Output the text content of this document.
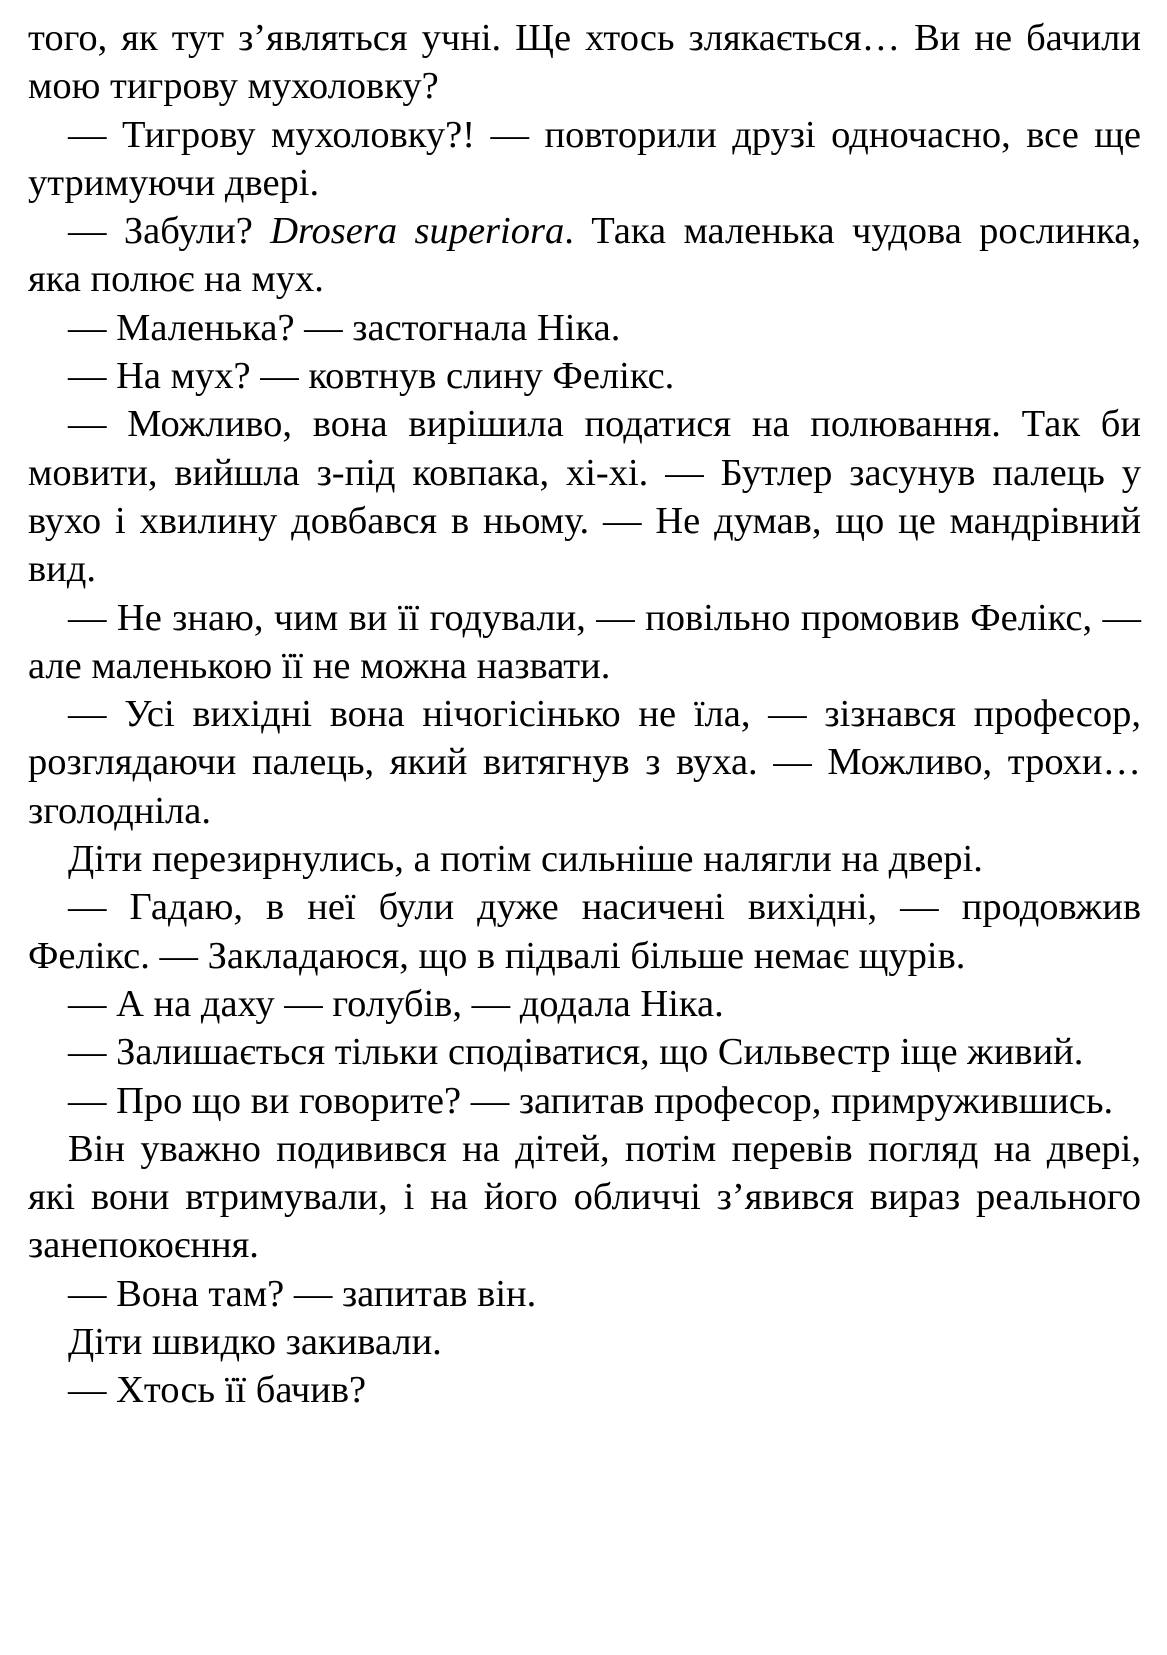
того, як тут з’являться учні. Ще хтось злякається… Ви не бачили мою тигрову мухоловку?

— Тигрову мухоловку?! — повторили друзі одночасно, все ще утримуючи двері.

— Забули? Drosera superiora. Така маленька чудова рослинка, яка полює на мух.

— Маленька? — застогнала Ніка.

— На мух? — ковтнув слину Фелікс.

— Можливо, вона вирішила податися на полювання. Так би мовити, вийшла з-під ковпака, хі-хі. — Бутлер засунув палець у вухо і хвилину довбався в ньому. — Не думав, що це мандрівний вид.

— Не знаю, чим ви її годували, — повільно промовив Фелікс, — але маленькою її не можна назвати.

— Усі вихідні вона нічогісінько не їла, — зізнався професор, розглядаючи палець, який витягнув з вуха. — Можливо, трохи… зголодніла.

Діти перезирнулись, а потім сильніше налягли на двері.

— Гадаю, в неї були дуже насичені вихідні, — продовжив Фелікс. — Закладаюся, що в підвалі більше немає щурів.

— А на даху — голубів, — додала Ніка.

— Залишається тільки сподіватися, що Сильвестр іще живий.

— Про що ви говорите? — запитав професор, примружившись.

Він уважно подивився на дітей, потім перевів погляд на двері, які вони втримували, і на його обличчі з’явився вираз реального занепокоєння.

— Вона там? — запитав він.

Діти швидко закивали.

— Хтось її бачив?
